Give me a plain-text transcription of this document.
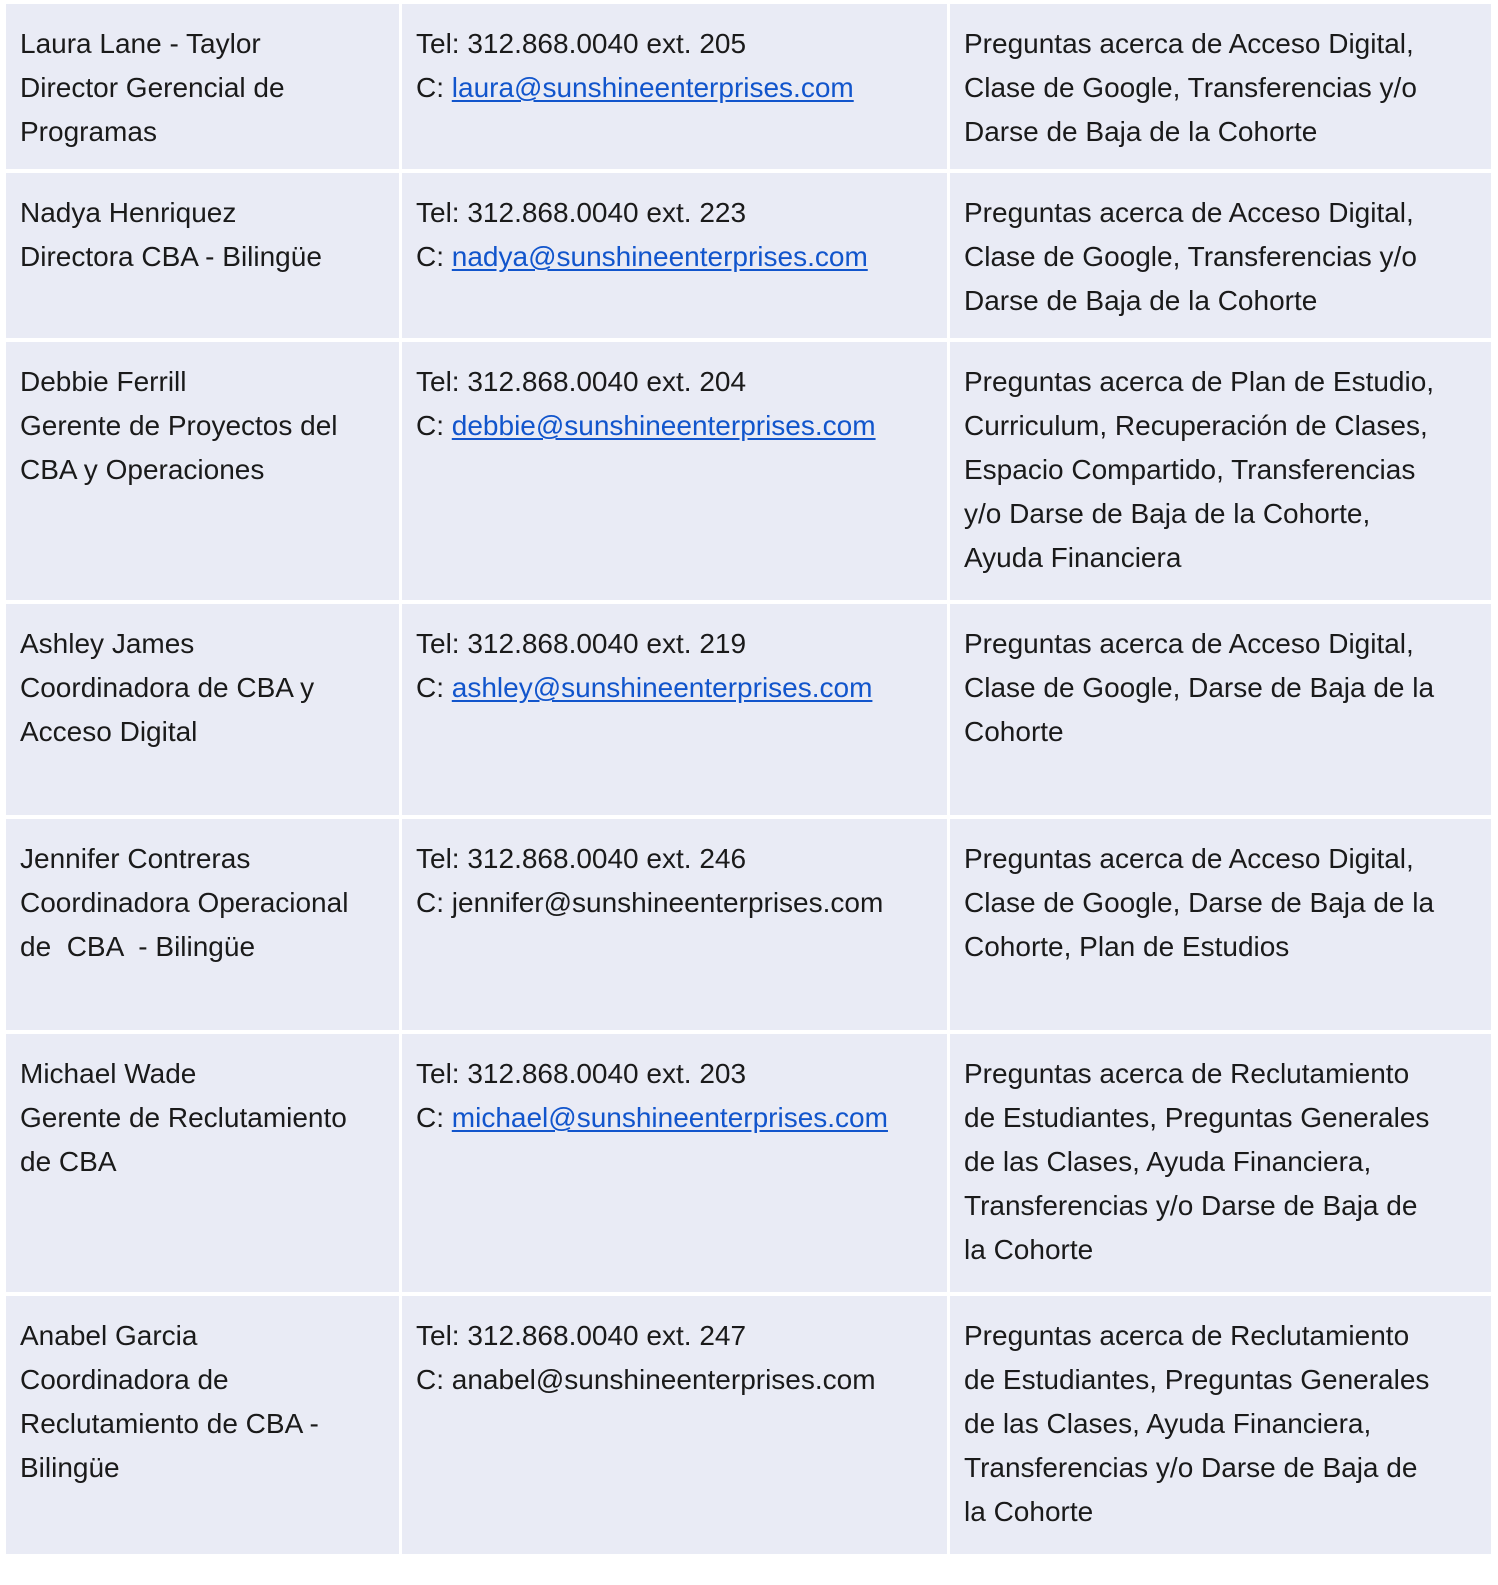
Laura Lane - Taylor
Director Gerencial de
Programas
Tel: 312.868.0040 ext. 205
C: laura@sunshineenterprises.com
Preguntas acerca de Acceso Digital,
Clase de Google, Transferencias y/o
Darse de Baja de la Cohorte
Nadya Henriquez
Directora CBA - Bilingüe
Tel: 312.868.0040 ext. 223
C: nadya@sunshineenterprises.com
Preguntas acerca de Acceso Digital,
Clase de Google, Transferencias y/o
Darse de Baja de la Cohorte
Debbie Ferrill
Gerente de Proyectos del
CBA y Operaciones
Tel: 312.868.0040 ext. 204
C: debbie@sunshineenterprises.com
Preguntas acerca de Plan de Estudio,
Curriculum, Recuperación de Clases,
Espacio Compartido, Transferencias
y/o Darse de Baja de la Cohorte,
Ayuda Financiera
Ashley James
Coordinadora de CBA y
Acceso Digital
Tel: 312.868.0040 ext. 219
C: ashley@sunshineenterprises.com
Preguntas acerca de Acceso Digital,
Clase de Google, Darse de Baja de la
Cohorte
Jennifer Contreras
Coordinadora Operacional
de  CBA  - Bilingüe
Tel: 312.868.0040 ext. 246
C: jennifer@sunshineenterprises.com
Preguntas acerca de Acceso Digital,
Clase de Google, Darse de Baja de la
Cohorte, Plan de Estudios
Michael Wade
Gerente de Reclutamiento
de CBA
Tel: 312.868.0040 ext. 203
C: michael@sunshineenterprises.com
Preguntas acerca de Reclutamiento
de Estudiantes, Preguntas Generales
de las Clases, Ayuda Financiera,
Transferencias y/o Darse de Baja de
la Cohorte
Anabel Garcia
Coordinadora de
Reclutamiento de CBA -
Bilingüe
Tel: 312.868.0040 ext. 247
C: anabel@sunshineenterprises.com
Preguntas acerca de Reclutamiento
de Estudiantes, Preguntas Generales
de las Clases, Ayuda Financiera,
Transferencias y/o Darse de Baja de
la Cohorte
